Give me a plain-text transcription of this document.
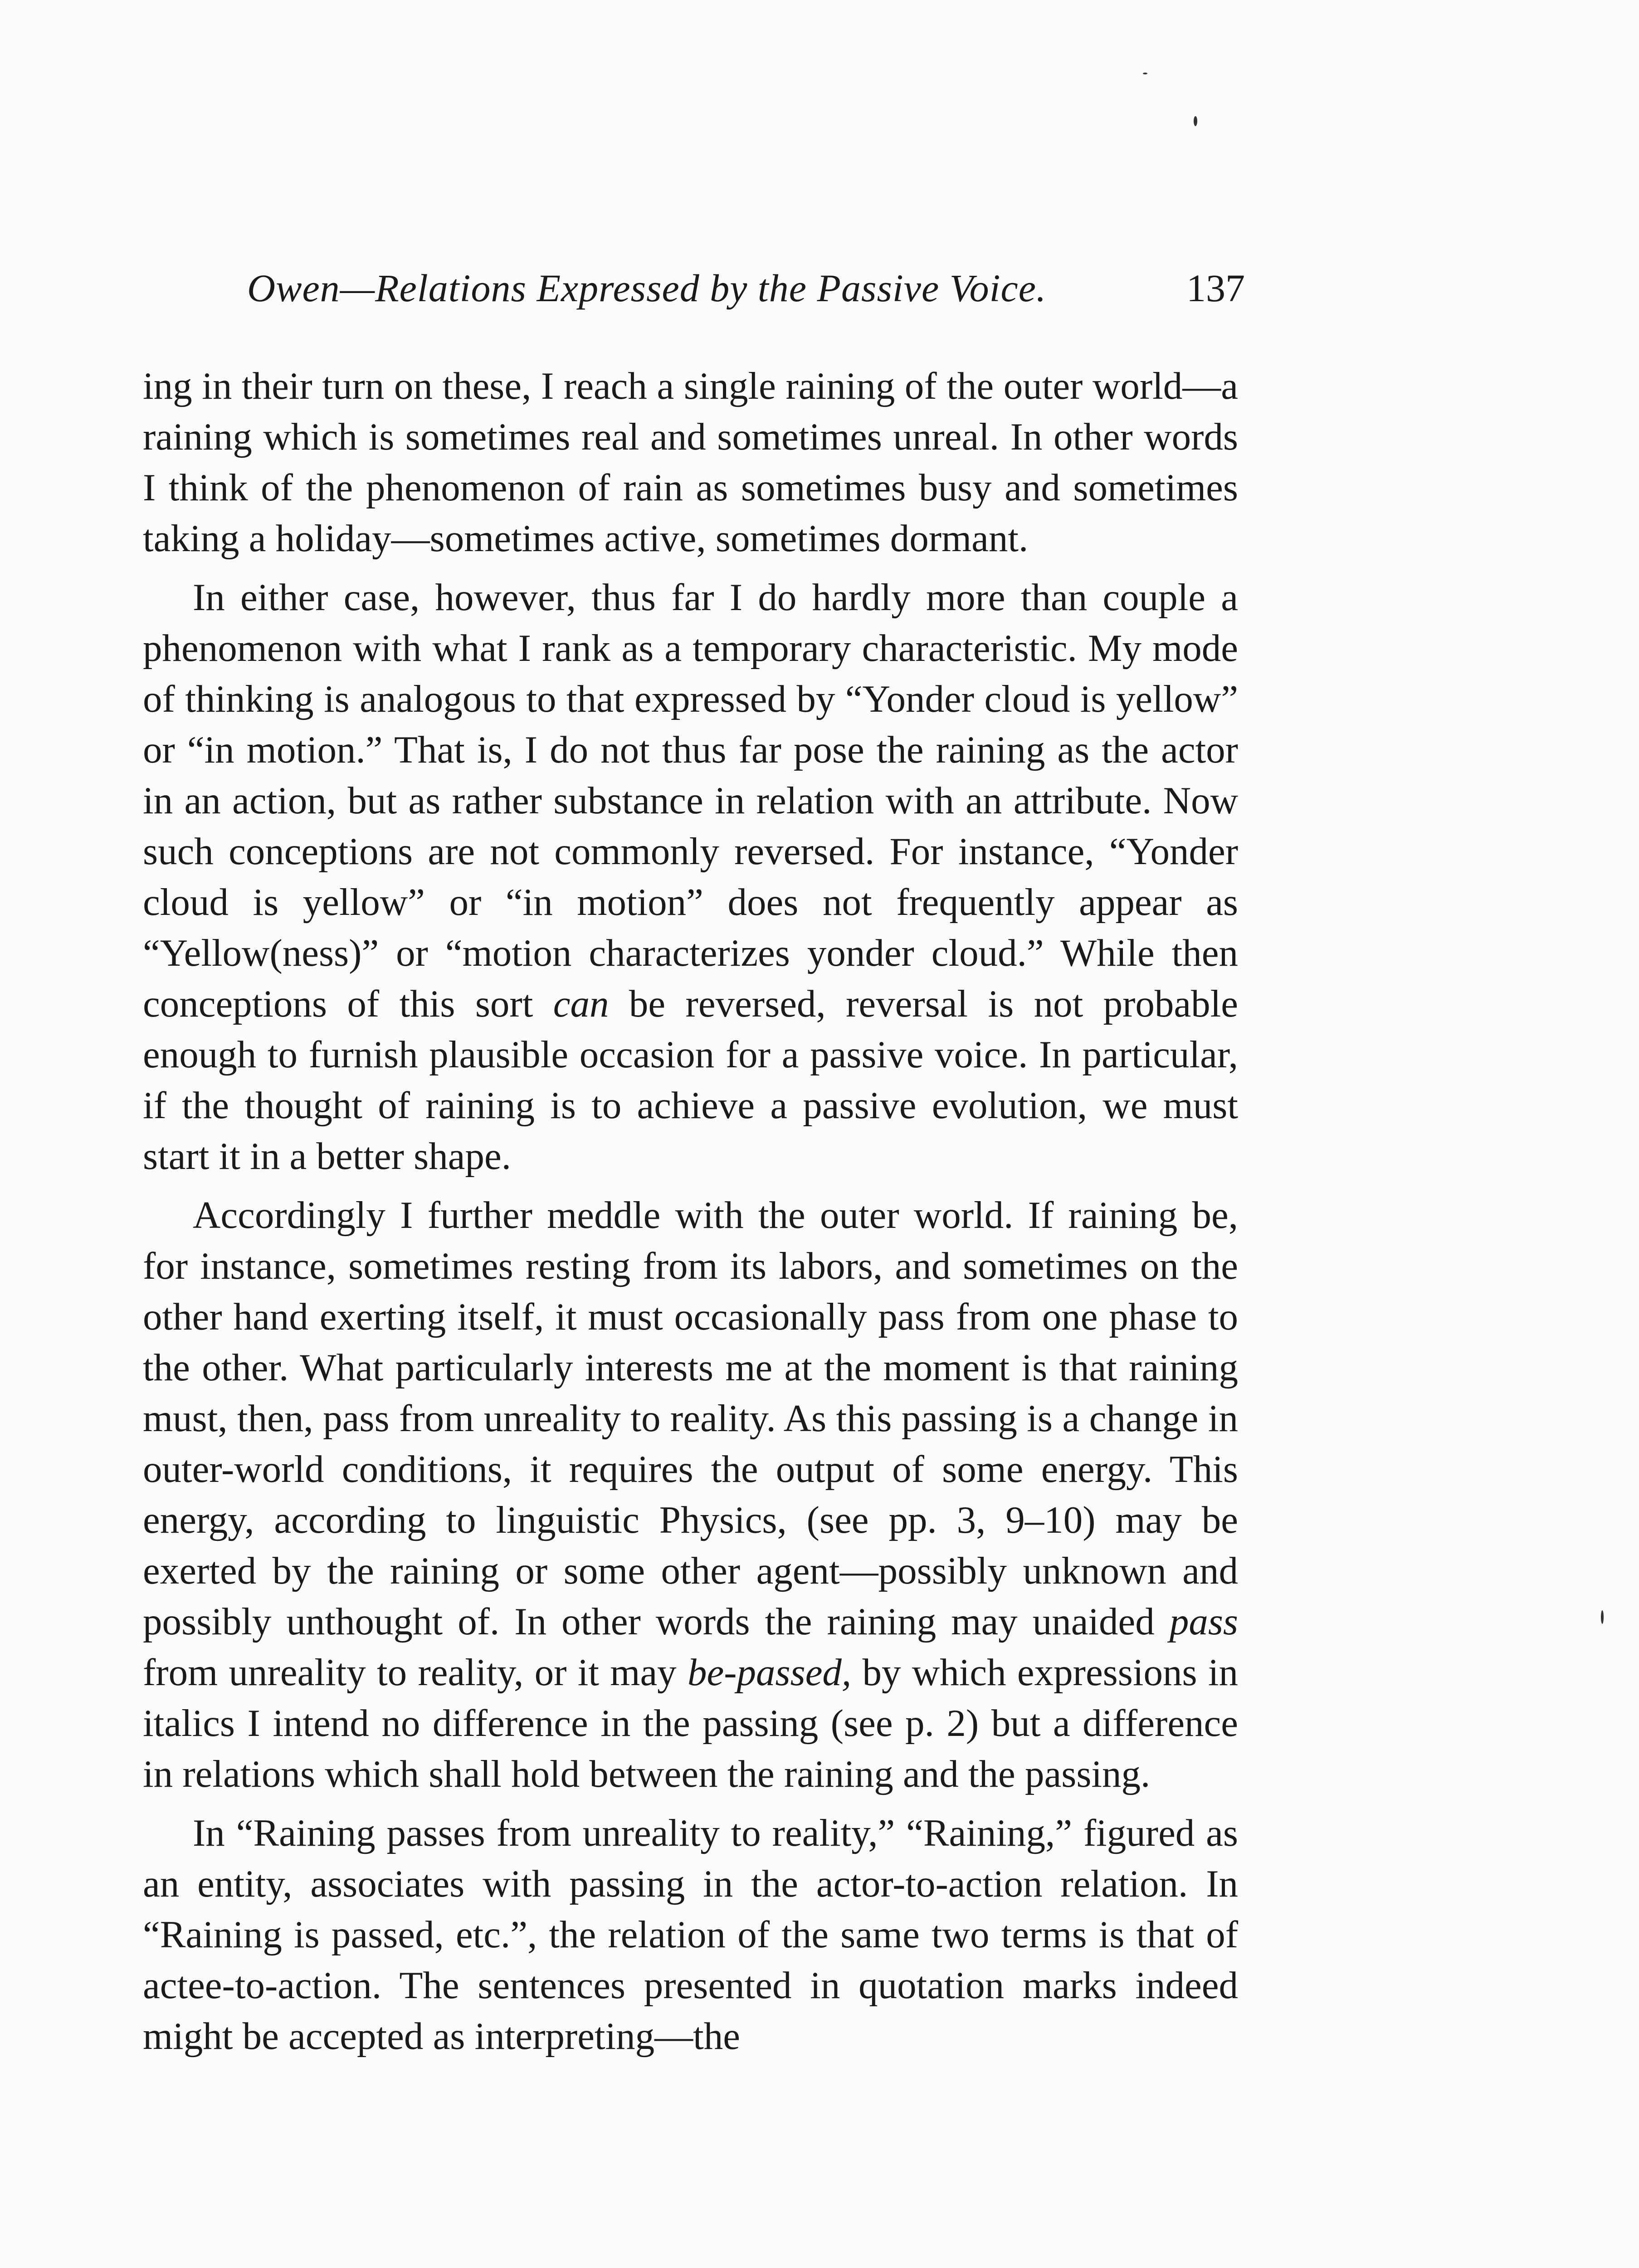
Owen—Relations Expressed by the Passive Voice.	137

ing in their turn on these, I reach a single raining of the outer world—a raining which is sometimes real and sometimes unreal. In other words I think of the phenomenon of rain as sometimes busy and sometimes taking a holiday—sometimes active, sometimes dormant.

In either case, however, thus far I do hardly more than couple a phenomenon with what I rank as a temporary characteristic. My mode of thinking is analogous to that expressed by “Yonder cloud is yellow” or “in motion.” That is, I do not thus far pose the raining as the actor in an action, but as rather substance in relation with an attribute. Now such conceptions are not commonly reversed. For instance, “Yonder cloud is yellow” or “in motion” does not frequently appear as “Yellow(ness)” or “motion characterizes yonder cloud.” While then conceptions of this sort can be reversed, reversal is not probable enough to furnish plausible occasion for a passive voice. In particular, if the thought of raining is to achieve a passive evolution, we must start it in a better shape.

Accordingly I further meddle with the outer world. If raining be, for instance, sometimes resting from its labors, and sometimes on the other hand exerting itself, it must occasionally pass from one phase to the other. What particularly interests me at the moment is that raining must, then, pass from unreality to reality. As this passing is a change in outer-world conditions, it requires the output of some energy. This energy, according to linguistic Physics, (see pp. 3, 9–10) may be exerted by the raining or some other agent—possibly unknown and possibly unthought of. In other words the raining may unaided pass from unreality to reality, or it may be-passed, by which expressions in italics I intend no difference in the passing (see p. 2) but a difference in relations which shall hold between the raining and the passing.

In “Raining passes from unreality to reality,” “Raining,” figured as an entity, associates with passing in the actor-to-action relation. In “Raining is passed, etc.”, the relation of the same two terms is that of actee-to-action. The sentences presented in quotation marks indeed might be accepted as interpreting—the
